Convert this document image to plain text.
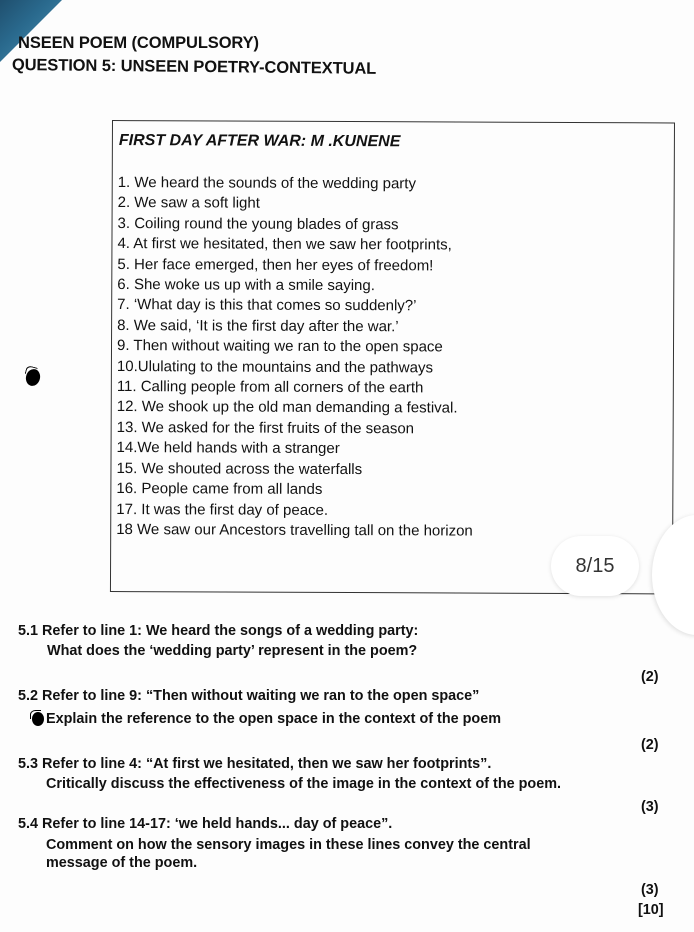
NSEEN POEM (COMPULSORY)
QUESTION 5: UNSEEN POETRY-CONTEXTUAL
FIRST DAY AFTER WAR: M .KUNENE
1. We heard the sounds of the wedding party
2. We saw a soft light
3. Coiling round the young blades of grass
4. At first we hesitated, then we saw her footprints,
5. Her face emerged, then her eyes of freedom!
6. She woke us up with a smile saying.
7. ‘What day is this that comes so suddenly?’
8. We said, ‘It is the first day after the war.’
9. Then without waiting we ran to the open space
10.Ululating to the mountains and the pathways
11. Calling people from all corners of the earth
12. We shook up the old man demanding a festival.
13. We asked for the first fruits of the season
14.We held hands with a stranger
15. We shouted across the waterfalls
16. People came from all lands
17. It was the first day of peace.
18 We saw our Ancestors travelling tall on the horizon
8/15
5.1 Refer to line 1: We heard the songs of a wedding party:
What does the ‘wedding party’ represent in the poem?
(2)
5.2 Refer to line 9: “Then without waiting we ran to the open space”
Explain the reference to the open space in the context of the poem
(2)
5.3 Refer to line 4: “At first we hesitated, then we saw her footprints”.
Critically discuss the effectiveness of the image in the context of the poem.
(3)
5.4 Refer to line 14-17: ‘we held hands... day of peace”.
Comment on how the sensory images in these lines convey the central
message of the poem.
(3)
[10]
